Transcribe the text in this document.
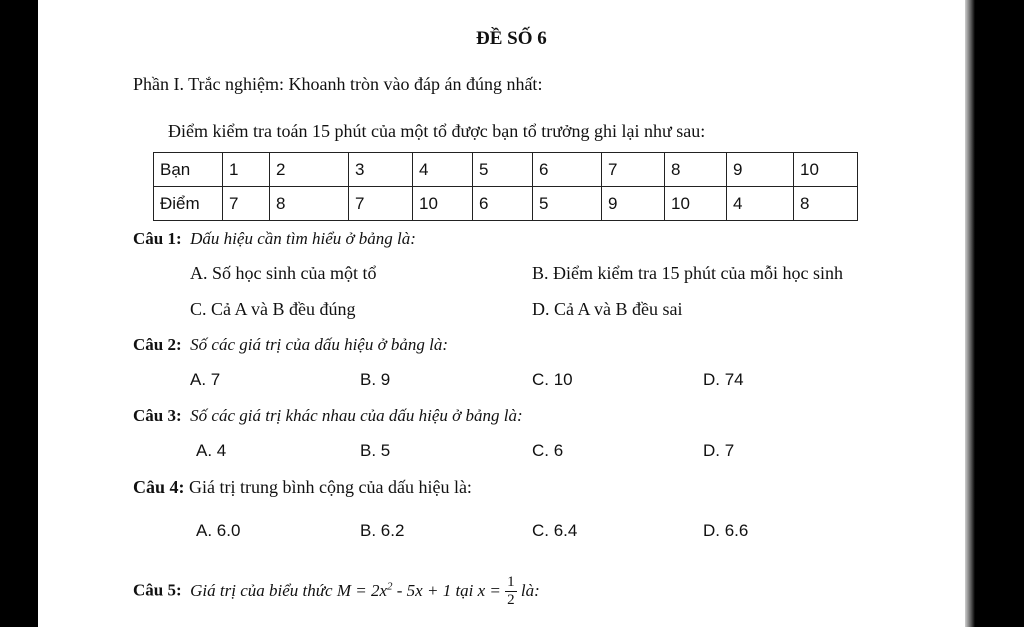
ĐỀ SỐ 6
Phần I. Trắc nghiệm: Khoanh tròn vào đáp án đúng nhất:
Điểm kiểm tra toán 15 phút của một tổ được bạn tổ trưởng ghi lại như sau:
Bạn	1	2	3	4	5	6	7	8	9	10
Điểm	7	8	7	10	6	5	9	10	4	8
Câu 1: Dấu hiệu cần tìm hiểu ở bảng là:
A. Số học sinh của một tổ	B. Điểm kiểm tra 15 phút của mỗi học sinh
C. Cả A và B đều đúng	D. Cả A và B đều sai
Câu 2: Số các giá trị của dấu hiệu ở bảng là:
A. 7	B. 9	C. 10	D. 74
Câu 3: Số các giá trị khác nhau của dấu hiệu ở bảng là:
A. 4	B. 5	C. 6	D. 7
Câu 4: Giá trị trung bình cộng của dấu hiệu là:
A. 6.0	B. 6.2	C. 6.4	D. 6.6
Câu 5: Giá trị của biểu thức $M = 2x^2 - 5x + 1$ tại $x = \frac{1}{2}$ là:
